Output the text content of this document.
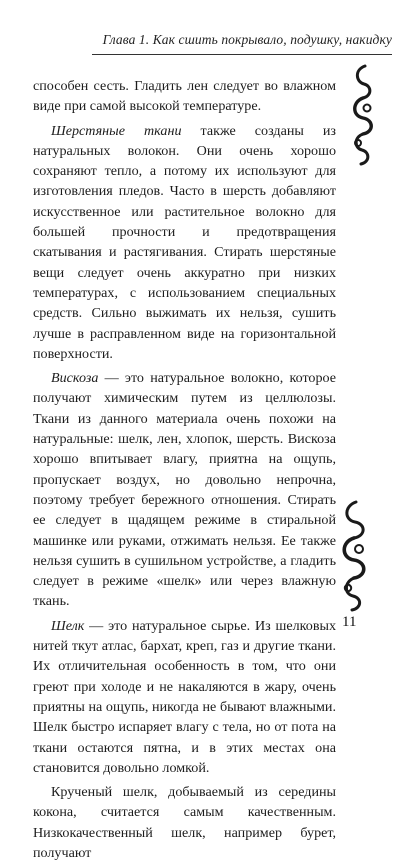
Глава 1. Как сшить покрывало, подушку, накидку

способен сесть. Гладить лен следует во влажном виде при самой высокой температуре.

Шерстяные ткани также созданы из натуральных волокон. Они очень хорошо сохраняют тепло, а потому их используют для изготовления пледов. Часто в шерсть добавляют искусственное или растительное волокно для большей прочности и предотвращения скатывания и растягивания. Стирать шерстяные вещи следует очень аккуратно при низких температурах, с использованием специальных средств. Сильно выжимать их нельзя, сушить лучше в расправленном виде на горизонтальной поверхности.

Вискоза — это натуральное волокно, которое получают химическим путем из целлюлозы. Ткани из данного материала очень похожи на натуральные: шелк, лен, хлопок, шерсть. Вискоза хорошо впитывает влагу, приятна на ощупь, пропускает воздух, но довольно непрочна, поэтому требует бережного отношения. Стирать ее следует в щадящем режиме в стиральной машинке или руками, отжимать нельзя. Ее также нельзя сушить в сушильном устройстве, а гладить следует в режиме «шелк» или через влажную ткань.

Шелк — это натуральное сырье. Из шелковых нитей ткут атлас, бархат, креп, газ и другие ткани. Их отличительная особенность в том, что они греют при холоде и не накаляются в жару, очень приятны на ощупь, никогда не бывают влажными. Шелк быстро испаряет влагу с тела, но от пота на ткани остаются пятна, и в этих местах она становится довольно ломкой.

Крученый шелк, добываемый из середины кокона, считается самым качественным. Низкокачественный шелк, например бурет, получают

11
